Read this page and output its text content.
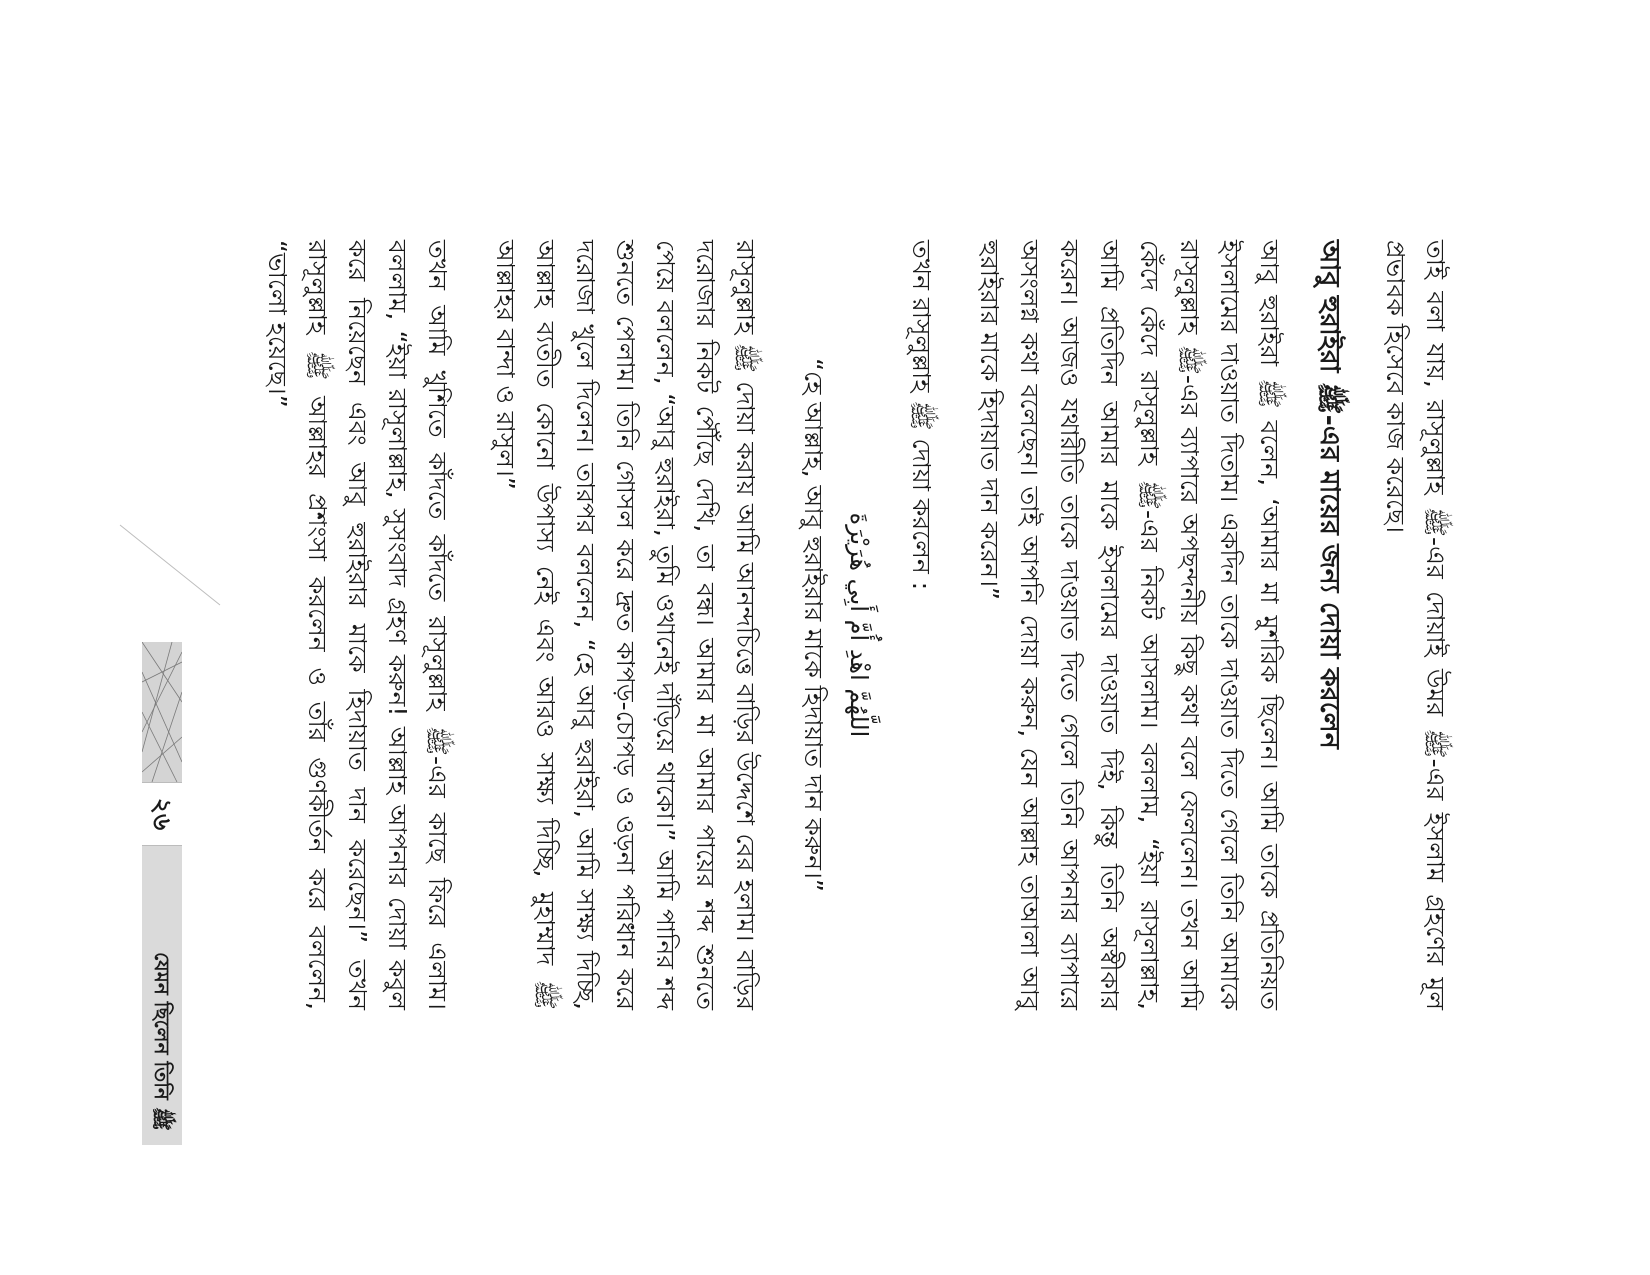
তাই বলা যায়, রাসূলুল্লাহ ﷺ-এর দোয়াই উমর ﷺ-এর ইসলাম গ্রহণের মূল প্রভাবক হিসেবে কাজ করেছে।

আবু হুরাইরা ﷺ-এর মায়ের জন্য দোয়া করলেন

আবু হুরাইরা ﷺ বলেন, ‘আমার মা মুশরিক ছিলেন। আমি তাকে প্রতিনিয়ত ইসলামের দাওয়াত দিতাম। একদিন তাকে দাওয়াত দিতে গেলে তিনি আমাকে রাসূলুল্লাহ ﷺ-এর ব্যাপারে অপছন্দনীয় কিছু কথা বলে ফেললেন। তখন আমি কেঁদে কেঁদে রাসূলুল্লাহ ﷺ-এর নিকট আসলাম। বললাম, “ইয়া রাসূলাল্লাহ, আমি প্রতিদিন আমার মাকে ইসলামের দাওয়াত দিই, কিন্তু তিনি অস্বীকার করেন। আজও যথারীতি তাকে দাওয়াত দিতে গেলে তিনি আপনার ব্যাপারে অসংলগ্ন কথা বলেছেন। তাই আপনি দোয়া করুন, যেন আল্লাহ তাআলা আবু হুরাইরার মাকে হিদায়াত দান করেন।”

তখন রাসূলুল্লাহ ﷺ দোয়া করলেন :

اللَّهُمَّ اهْدِ أُمَّ أَبِي هُرَيْرَةَ

“হে আল্লাহ, আবু হুরাইরার মাকে হিদায়াত দান করুন।”

রাসূলুল্লাহ ﷺ দোয়া করায় আমি আনন্দচিত্তে বাড়ির উদ্দেশে বের হলাম। বাড়ির দরোজার নিকট পৌঁছে দেখি, তা বন্ধ। আমার মা আমার পায়ের শব্দ শুনতে পেয়ে বললেন, “আবু হুরাইরা, তুমি ওখানেই দাঁড়িয়ে থাকো।” আমি পানির শব্দ শুনতে পেলাম। তিনি গোসল করে দ্রুত কাপড়-চোপড় ও ওড়না পরিধান করে দরোজা খুলে দিলেন। তারপর বললেন, “হে আবু হুরাইরা, আমি সাক্ষ্য দিচ্ছি, আল্লাহ ব্যতীত কোনো উপাস্য নেই এবং আরও সাক্ষ্য দিচ্ছি, মুহাম্মাদ ﷺ আল্লাহর বান্দা ও রাসুল।”

তখন আমি খুশিতে কাঁদতে কাঁদতে রাসূলুল্লাহ ﷺ-এর কাছে ফিরে এলাম। বললাম, “ইয়া রাসূলাল্লাহ, সুসংবাদ গ্রহণ করুন! আল্লাহ আপনার দোয়া কবুল করে নিয়েছেন এবং আবু হুরাইরার মাকে হিদায়াত দান করেছেন।” তখন রাসূলুল্লাহ ﷺ আল্লাহর প্রশংসা করলেন ও তাঁর গুণকীর্তন করে বললেন, “ভালো হয়েছে।”

২৬
যেমন ছিলেন তিনি ﷺ
